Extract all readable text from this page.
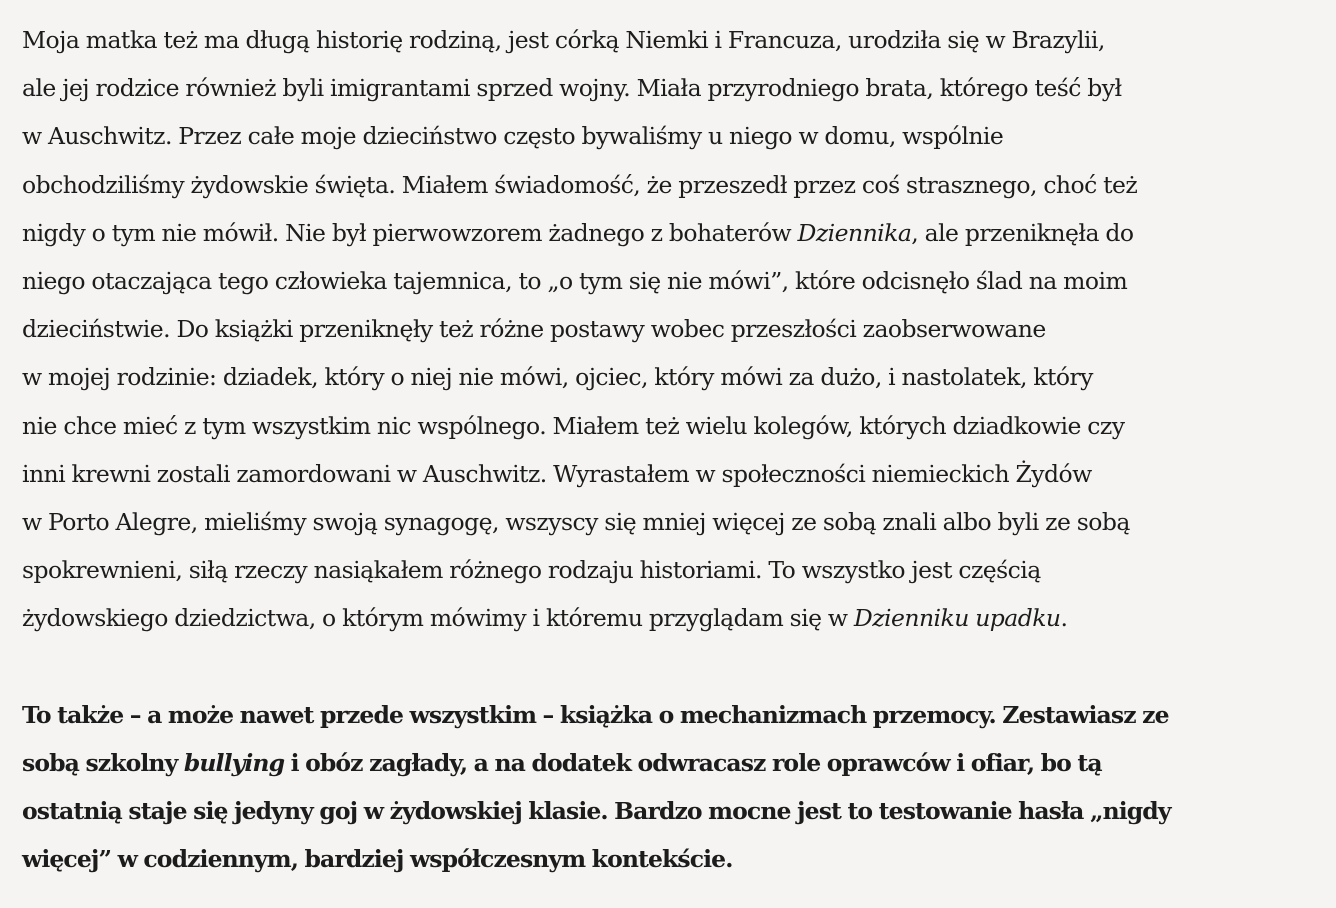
Moja matka też ma długą historię rodziną, jest córką Niemki i Francuza, urodziła się w Brazylii,
ale jej rodzice również byli imigrantami sprzed wojny. Miała przyrodniego brata, którego teść był
w Auschwitz. Przez całe moje dzieciństwo często bywaliśmy u niego w domu, wspólnie
obchodziliśmy żydowskie święta. Miałem świadomość, że przeszedł przez coś strasznego, choć też
nigdy o tym nie mówił. Nie był pierwowzorem żadnego z bohaterów Dziennika, ale przeniknęła do
niego otaczająca tego człowieka tajemnica, to „o tym się nie mówi”, które odcisnęło ślad na moim
dzieciństwie. Do książki przeniknęły też różne postawy wobec przeszłości zaobserwowane
w mojej rodzinie: dziadek, który o niej nie mówi, ojciec, który mówi za dużo, i nastolatek, który
nie chce mieć z tym wszystkim nic wspólnego. Miałem też wielu kolegów, których dziadkowie czy
inni krewni zostali zamordowani w Auschwitz. Wyrastałem w społeczności niemieckich Żydów
w Porto Alegre, mieliśmy swoją synagogę, wszyscy się mniej więcej ze sobą znali albo byli ze sobą
spokrewnieni, siłą rzeczy nasiąkałem różnego rodzaju historiami. To wszystko jest częścią
żydowskiego dziedzictwa, o którym mówimy i któremu przyglądam się w Dzienniku upadku.

To także – a może nawet przede wszystkim – książka o mechanizmach przemocy. Zestawiasz ze
sobą szkolny bullying i obóz zagłady, a na dodatek odwracasz role oprawców i ofiar, bo tą
ostatnią staje się jedyny goj w żydowskiej klasie. Bardzo mocne jest to testowanie hasła „nigdy
więcej” w codziennym, bardziej współczesnym kontekście.
